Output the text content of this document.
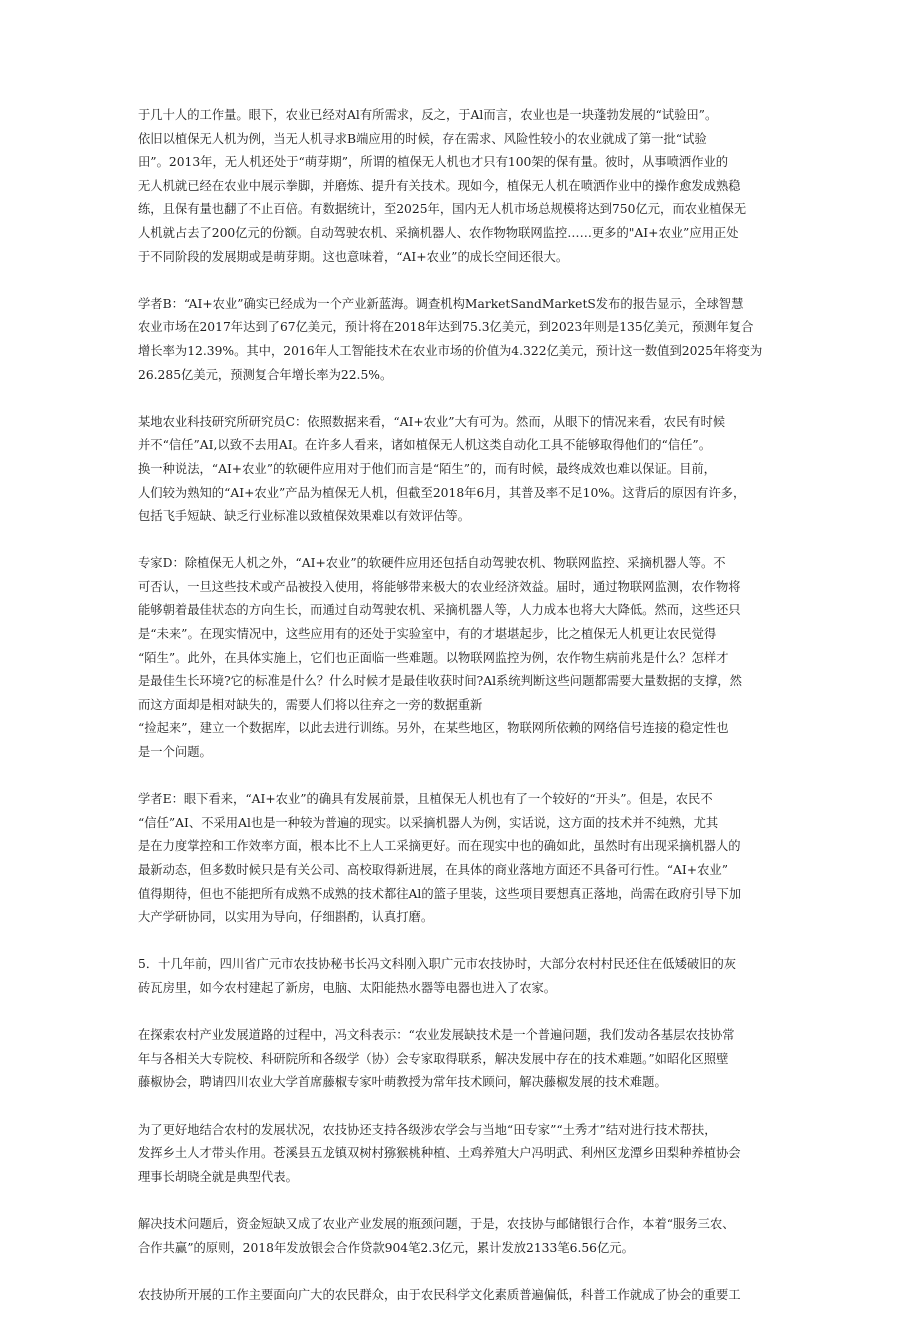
于几十人的工作量。眼下，农业已经对Al有所需求，反之，于Al而言，农业也是一块蓬勃发展的“试验田”。
依旧以植保无人机为例，当无人机寻求B端应用的时候，存在需求、风险性较小的农业就成了第一批“试验
田”。2013年，无人机还处于“萌芽期”，所谓的植保无人机也才只有100架的保有量。彼时，从事喷洒作业的
无人机就已经在农业中展示拳脚，并磨炼、提升有关技术。现如今，植保无人机在喷洒作业中的操作愈发成熟稳
练，且保有量也翻了不止百倍。有数据统计，至2025年，国内无人机市场总规模将达到750亿元，而农业植保无
人机就占去了200亿元的份额。自动驾驶农机、采摘机器人、农作物物联网监控……更多的"AI+农业”应用正处
于不同阶段的发展期或是萌芽期。这也意味着，“AI+农业”的成长空间还很大。

学者B：“AI+农业”确实已经成为一个产业新蓝海。调查机构MarketSandMarketS发布的报告显示，全球智慧
农业市场在2017年达到了67亿美元，预计将在2018年达到75.3亿美元，到2023年则是135亿美元，预测年复合
增长率为12.39%。其中，2016年人工智能技术在农业市场的价值为4.322亿美元，预计这一数值到2025年将变为
26.285亿美元，预测复合年增长率为22.5%。

某地农业科技研究所研究员C：依照数据来看，“AI+农业”大有可为。然而，从眼下的情况来看，农民有时候
并不“信任”AI,以致不去用AI。在许多人看来，诸如植保无人机这类自动化工具不能够取得他们的“信任”。
换一种说法，“AI+农业”的软硬件应用对于他们而言是“陌生”的，而有时候，最终成效也难以保证。目前，
人们较为熟知的“AI+农业”产品为植保无人机，但截至2018年6月，其普及率不足10%。这背后的原因有许多，
包括飞手短缺、缺乏行业标准以致植保效果难以有效评估等。

专家D：除植保无人机之外，“AI+农业”的软硬件应用还包括自动驾驶农机、物联网监控、采摘机器人等。不
可否认，一旦这些技术或产品被投入使用，将能够带来极大的农业经济效益。届时，通过物联网监测，农作物将
能够朝着最佳状态的方向生长，而通过自动驾驶农机、采摘机器人等，人力成本也将大大降低。然而，这些还只
是“未来”。在现实情况中，这些应用有的还处于实验室中，有的才堪堪起步，比之植保无人机更让农民觉得
“陌生”。此外，在具体实施上，它们也正面临一些难题。以物联网监控为例，农作物生病前兆是什么？怎样才
是最佳生长环境?它的标准是什么？什么时候才是最佳收获时间?Al系统判断这些问题都需要大量数据的支撑，然
而这方面却是相对缺失的，需要人们将以往弃之一旁的数据重新
“捡起来”，建立一个数据库，以此去进行训练。另外，在某些地区，物联网所依赖的网络信号连接的稳定性也
是一个问题。

学者E：眼下看来，“AI+农业”的确具有发展前景，且植保无人机也有了一个较好的“开头”。但是，农民不
“信任”AI、不采用Al也是一种较为普遍的现实。以采摘机器人为例，实话说，这方面的技术并不纯熟，尤其
是在力度掌控和工作效率方面，根本比不上人工采摘更好。而在现实中也的确如此，虽然时有出现采摘机器人的
最新动态，但多数时候只是有关公司、高校取得新进展，在具体的商业落地方面还不具备可行性。“AI+农业”
值得期待，但也不能把所有成熟不成熟的技术都往Al的篮子里装，这些项目要想真正落地，尚需在政府引导下加
大产学研协同，以实用为导向，仔细斟酌，认真打磨。

5．十几年前，四川省广元市农技协秘书长冯文科刚入职广元市农技协时，大部分农村村民还住在低矮破旧的灰
砖瓦房里，如今农村建起了新房，电脑、太阳能热水器等电器也进入了农家。

在探索农村产业发展道路的过程中，冯文科表示：“农业发展缺技术是一个普遍问题，我们发动各基层农技协常
年与各相关大专院校、科研院所和各级学（协）会专家取得联系，解决发展中存在的技术难题。”如昭化区照壁
藤椒协会，聘请四川农业大学首席藤椒专家叶萌教授为常年技术顾问，解决藤椒发展的技术难题。

为了更好地结合农村的发展状况，农技协还支持各级涉农学会与当地“田专家”“土秀才”结对进行技术帮扶，
发挥乡土人才带头作用。苍溪县五龙镇双树村猕猴桃种植、土鸡养殖大户冯明武、利州区龙潭乡田梨种养植协会
理事长胡晓全就是典型代表。

解决技术问题后，资金短缺又成了农业产业发展的瓶颈问题，于是，农技协与邮储银行合作，本着“服务三农、
合作共赢”的原则，2018年发放银会合作贷款904笔2.3亿元，累计发放2133笔6.56亿元。

农技协所开展的工作主要面向广大的农民群众，由于农民科学文化素质普遍偏低，科普工作就成了协会的重要工
